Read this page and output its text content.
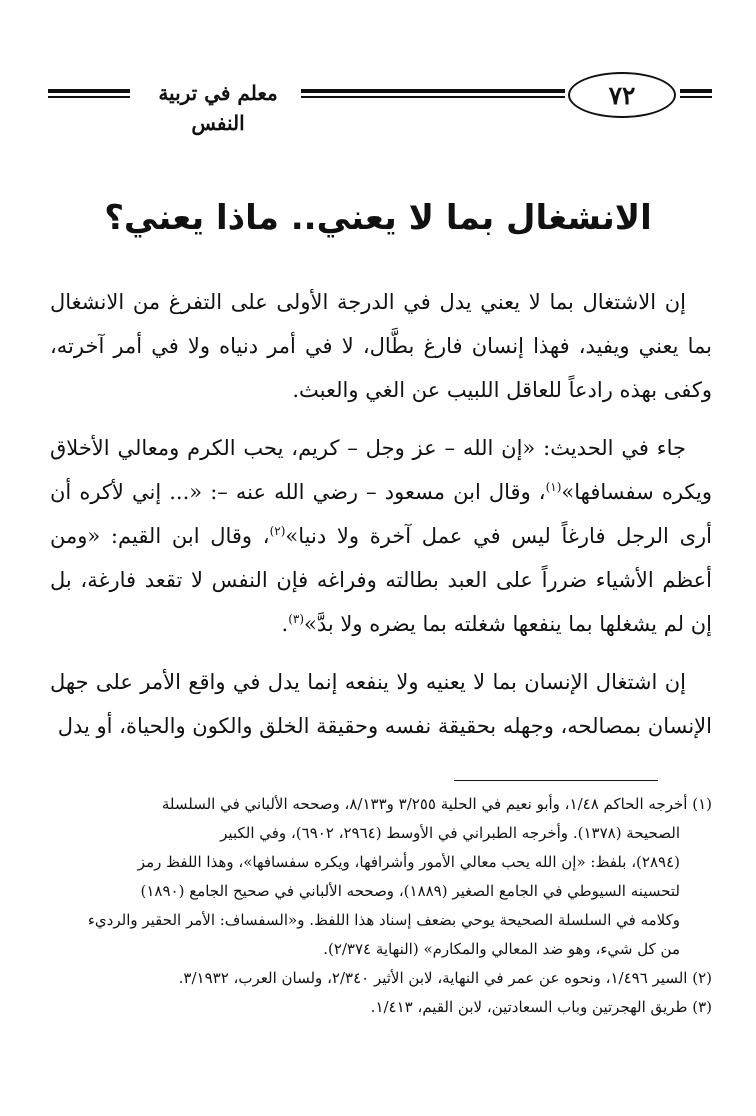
معلم في تربية النفس
٧٢
الانشغال بما لا يعني.. ماذا يعني؟

إن الاشتغال بما لا يعني يدل في الدرجة الأولى على التفرغ من الانشغال بما يعني ويفيد، فهذا إنسان فارغ بطَّال، لا في أمر دنياه ولا في أمر آخرته، وكفى بهذه رادعاً للعاقل اللبيب عن الغي والعبث.

جاء في الحديث: «إن الله – عز وجل – كريم، يحب الكرم ومعالي الأخلاق ويكره سفسافها»$^{(١)}$، وقال ابن مسعود – رضي الله عنه –: «... إني لأكره أن أرى الرجل فارغاً ليس في عمل آخرة ولا دنيا»$^{(٢)}$، وقال ابن القيم: «ومن أعظم الأشياء ضرراً على العبد بطالته وفراغه فإن النفس لا تقعد فارغة، بل إن لم يشغلها بما ينفعها شغلته بما يضره ولا بدَّ»$^{(٣)}$.

إن اشتغال الإنسان بما لا يعنيه ولا ينفعه إنما يدل في واقع الأمر على جهل الإنسان بمصالحه، وجهله بحقيقة نفسه وحقيقة الخلق والكون والحياة، أو يدل

(١) أخرجه الحاكم ١/٤٨، وأبو نعيم في الحلية ٣/٢٥٥ و٨/١٣٣، وصححه الألباني في السلسلة

الصحيحة (١٣٧٨). وأخرجه الطبراني في الأوسط (٢٩٦٤، ٦٩٠٢)، وفي الكبير

(٢٨٩٤)، بلفظ: «إن الله يحب معالي الأمور وأشرافها، ويكره سفسافها»، وهذا اللفظ رمز

لتحسينه السيوطي في الجامع الصغير (١٨٨٩)، وصححه الألباني في صحيح الجامع (١٨٩٠)

وكلامه في السلسلة الصحيحة يوحي بضعف إسناد هذا اللفظ. و«السفساف: الأمر الحقير والرديء

من كل شيء، وهو ضد المعالي والمكارم» (النهاية ٢/٣٧٤).

(٢) السير ١/٤٩٦، ونحوه عن عمر في النهاية، لابن الأثير ٢/٣٤٠، ولسان العرب، ٣/١٩٣٢.

(٣) طريق الهجرتين وباب السعادتين، لابن القيم، ١/٤١٣.
